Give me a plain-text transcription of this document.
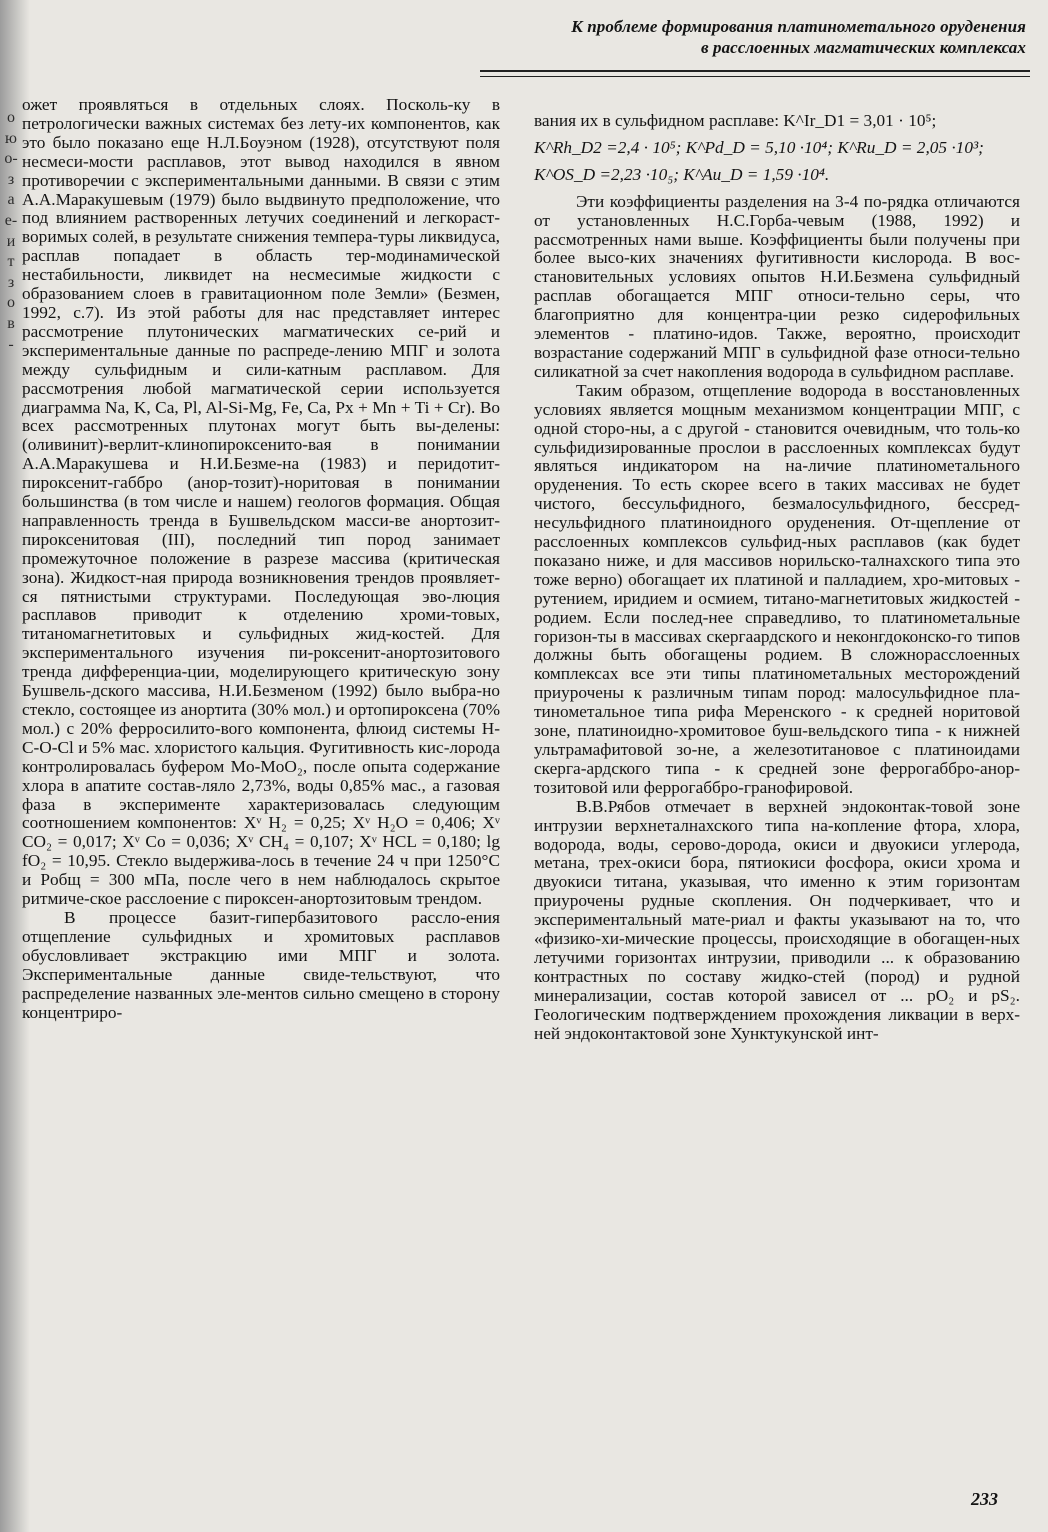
К проблеме формирования платинометального оруденения
в расслоенных магматических комплексах
о
ю
о-
з
а
е-
и
т
з
о
в
-

ожет проявляться в отдельных слоях. Посколь-ку в петрологически важных системах без лету-их компонентов, как это было показано еще Н.Л.Боуэном (1928), отсутствуют поля несмеси-мости расплавов, этот вывод находился в явном противоречии с экспериментальными данными. В связи с этим А.А.Маракушевым (1979) было выдвинуто предположение, что под влиянием растворенных летучих соединений и легкораст-воримых солей, в результате снижения темпера-туры ликвидуса, расплав попадает в область тер-модинамической нестабильности, ликвидет на несмесимые жидкости с образованием слоев в гравитационном поле Земли» (Безмен, 1992, с.7). Из этой работы для нас представляет интерес рассмотрение плутонических магматических се-рий и экспериментальные данные по распреде-лению МПГ и золота между сульфидным и сили-катным расплавом. Для рассмотрения любой магматической серии используется диаграмма Na, K, Ca, Pl, Al-Si-Mg, Fe, Ca, Px + Mn + Ti + Cr). Во всех рассмотренных плутонах могут быть вы-делены: (оливинит)-верлит-клинопироксенито-вая в понимании А.А.Маракушева и Н.И.Безме-на (1983) и перидотит-пироксенит-габбро (анор-тозит)-норитовая в понимании большинства (в том числе и нашем) геологов формация. Общая направленность тренда в Бушвельдском масси-ве анортозит-пироксенитовая (III), последний тип пород занимает промежуточное положение в разрезе массива (критическая зона). Жидкост-ная природа возникновения трендов проявляет-ся пятнистыми структурами. Последующая эво-люция расплавов приводит к отделению хроми-товых, титаномагнетитовых и сульфидных жид-костей. Для экспериментального изучения пи-роксенит-анортозитового тренда дифференциа-ции, моделирующего критическую зону Бушвель-дского массива, Н.И.Безменом (1992) было выбра-но стекло, состоящее из анортита (30% мол.) и ортопироксена (70% мол.) с 20% ферросилито-вого компонента, флюид системы Н-С-О-Сl и 5% мас. хлористого кальция. Фугитивность кис-лорода контролировалась буфером Mo-MoO₂, после опыта содержание хлора в апатите состав-ляло 2,73%, воды 0,85% мас., а газовая фаза в эксперименте характеризовалась следующим соотношением компонентов: Xᵛ H₂ = 0,25; Xᵛ H₂O = 0,406; Xᵛ CO₂ = 0,017; Xᵛ Co = 0,036; Xᵛ CH₄ = 0,107; Xᵛ HCL = 0,180; lg fO₂ = 10,95. Стекло выдержива-лось в течение 24 ч при 1250°С и Pобщ = 300 мПа, после чего в нем наблюдалось скрытое ритмиче-ское расслоение с пироксен-анортозитовым трендом.

В процессе базит-гипербазитового рассло-ения отщепление сульфидных и хромитовых расплавов обусловливает экстракцию ими МПГ и золота. Экспериментальные данные свиде-тельствуют, что распределение названных эле-ментов сильно смещено в сторону концентриро-

вания их в сульфидном расплаве: K^Ir_D1 = 3,01 · 10⁵;
K^Rh_D2 =2,4 · 10⁵; K^Pd_D = 5,10 ·10⁴; K^Ru_D = 2,05 ·10³;
K^OS_D =2,23 ·10₅; K^Au_D = 1,59 ·10⁴.

Эти коэффициенты разделения на 3-4 по-рядка отличаются от установленных Н.С.Горба-чевым (1988, 1992) и рассмотренных нами выше. Коэффициенты были получены при более высо-ких значениях фугитивности кислорода. В вос-становительных условиях опытов Н.И.Безмена сульфидный расплав обогащается МПГ относи-тельно серы, что благоприятно для концентра-ции резко сидерофильных элементов - платино-идов. Также, вероятно, происходит возрастание содержаний МПГ в сульфидной фазе относи-тельно силикатной за счет накопления водорода в сульфидном расплаве.

Таким образом, отщепление водорода в восстановленных условиях является мощным механизмом концентрации МПГ, с одной сторо-ны, а с другой - становится очевидным, что толь-ко сульфидизированные прослои в расслоенных комплексах будут являться индикатором на на-личие платинометального оруденения. То есть скорее всего в таких массивах не будет чистого, бессульфидного, безмалосульфидного, бессред-несульфидного платиноидного оруденения. От-щепление от расслоенных комплексов сульфид-ных расплавов (как будет показано ниже, и для массивов норильско-талнахского типа это тоже верно) обогащает их платиной и палладием, хро-митовых - рутением, иридием и осмием, титано-магнетитовых жидкостей - родием. Если послед-нее справедливо, то платинометальные горизон-ты в массивах скергаардского и неконгдоконско-го типов должны быть обогащены родием. В сложнорасслоенных комплексах все эти типы платинометальных месторождений приурочены к различным типам пород: малосульфидное пла-тинометальное типа рифа Меренского - к средней норитовой зоне, платиноидно-хромитовое буш-вельдского типа - к нижней ультрамафитовой зо-не, а железотитановое с платиноидами скерга-ардского типа - к средней зоне феррогаббро-анор-тозитовой или феррогаббро-гранофировой.

В.В.Рябов отмечает в верхней эндоконтак-товой зоне интрузии верхнеталнахского типа на-копление фтора, хлора, водорода, воды, серово-дорода, окиси и двуокиси углерода, метана, трех-окиси бора, пятиокиси фосфора, окиси хрома и двуокиси титана, указывая, что именно к этим горизонтам приурочены рудные скопления. Он подчеркивает, что и экспериментальный мате-риал и факты указывают на то, что «физико-хи-мические процессы, происходящие в обогащен-ных летучими горизонтах интрузии, приводили ... к образованию контрастных по составу жидко-стей (пород) и рудной минерализации, состав которой зависел от ... pO₂ и pS₂. Геологическим подтверждением прохождения ликвации в верх-ней эндоконтактовой зоне Хунктукунской инт-

233
